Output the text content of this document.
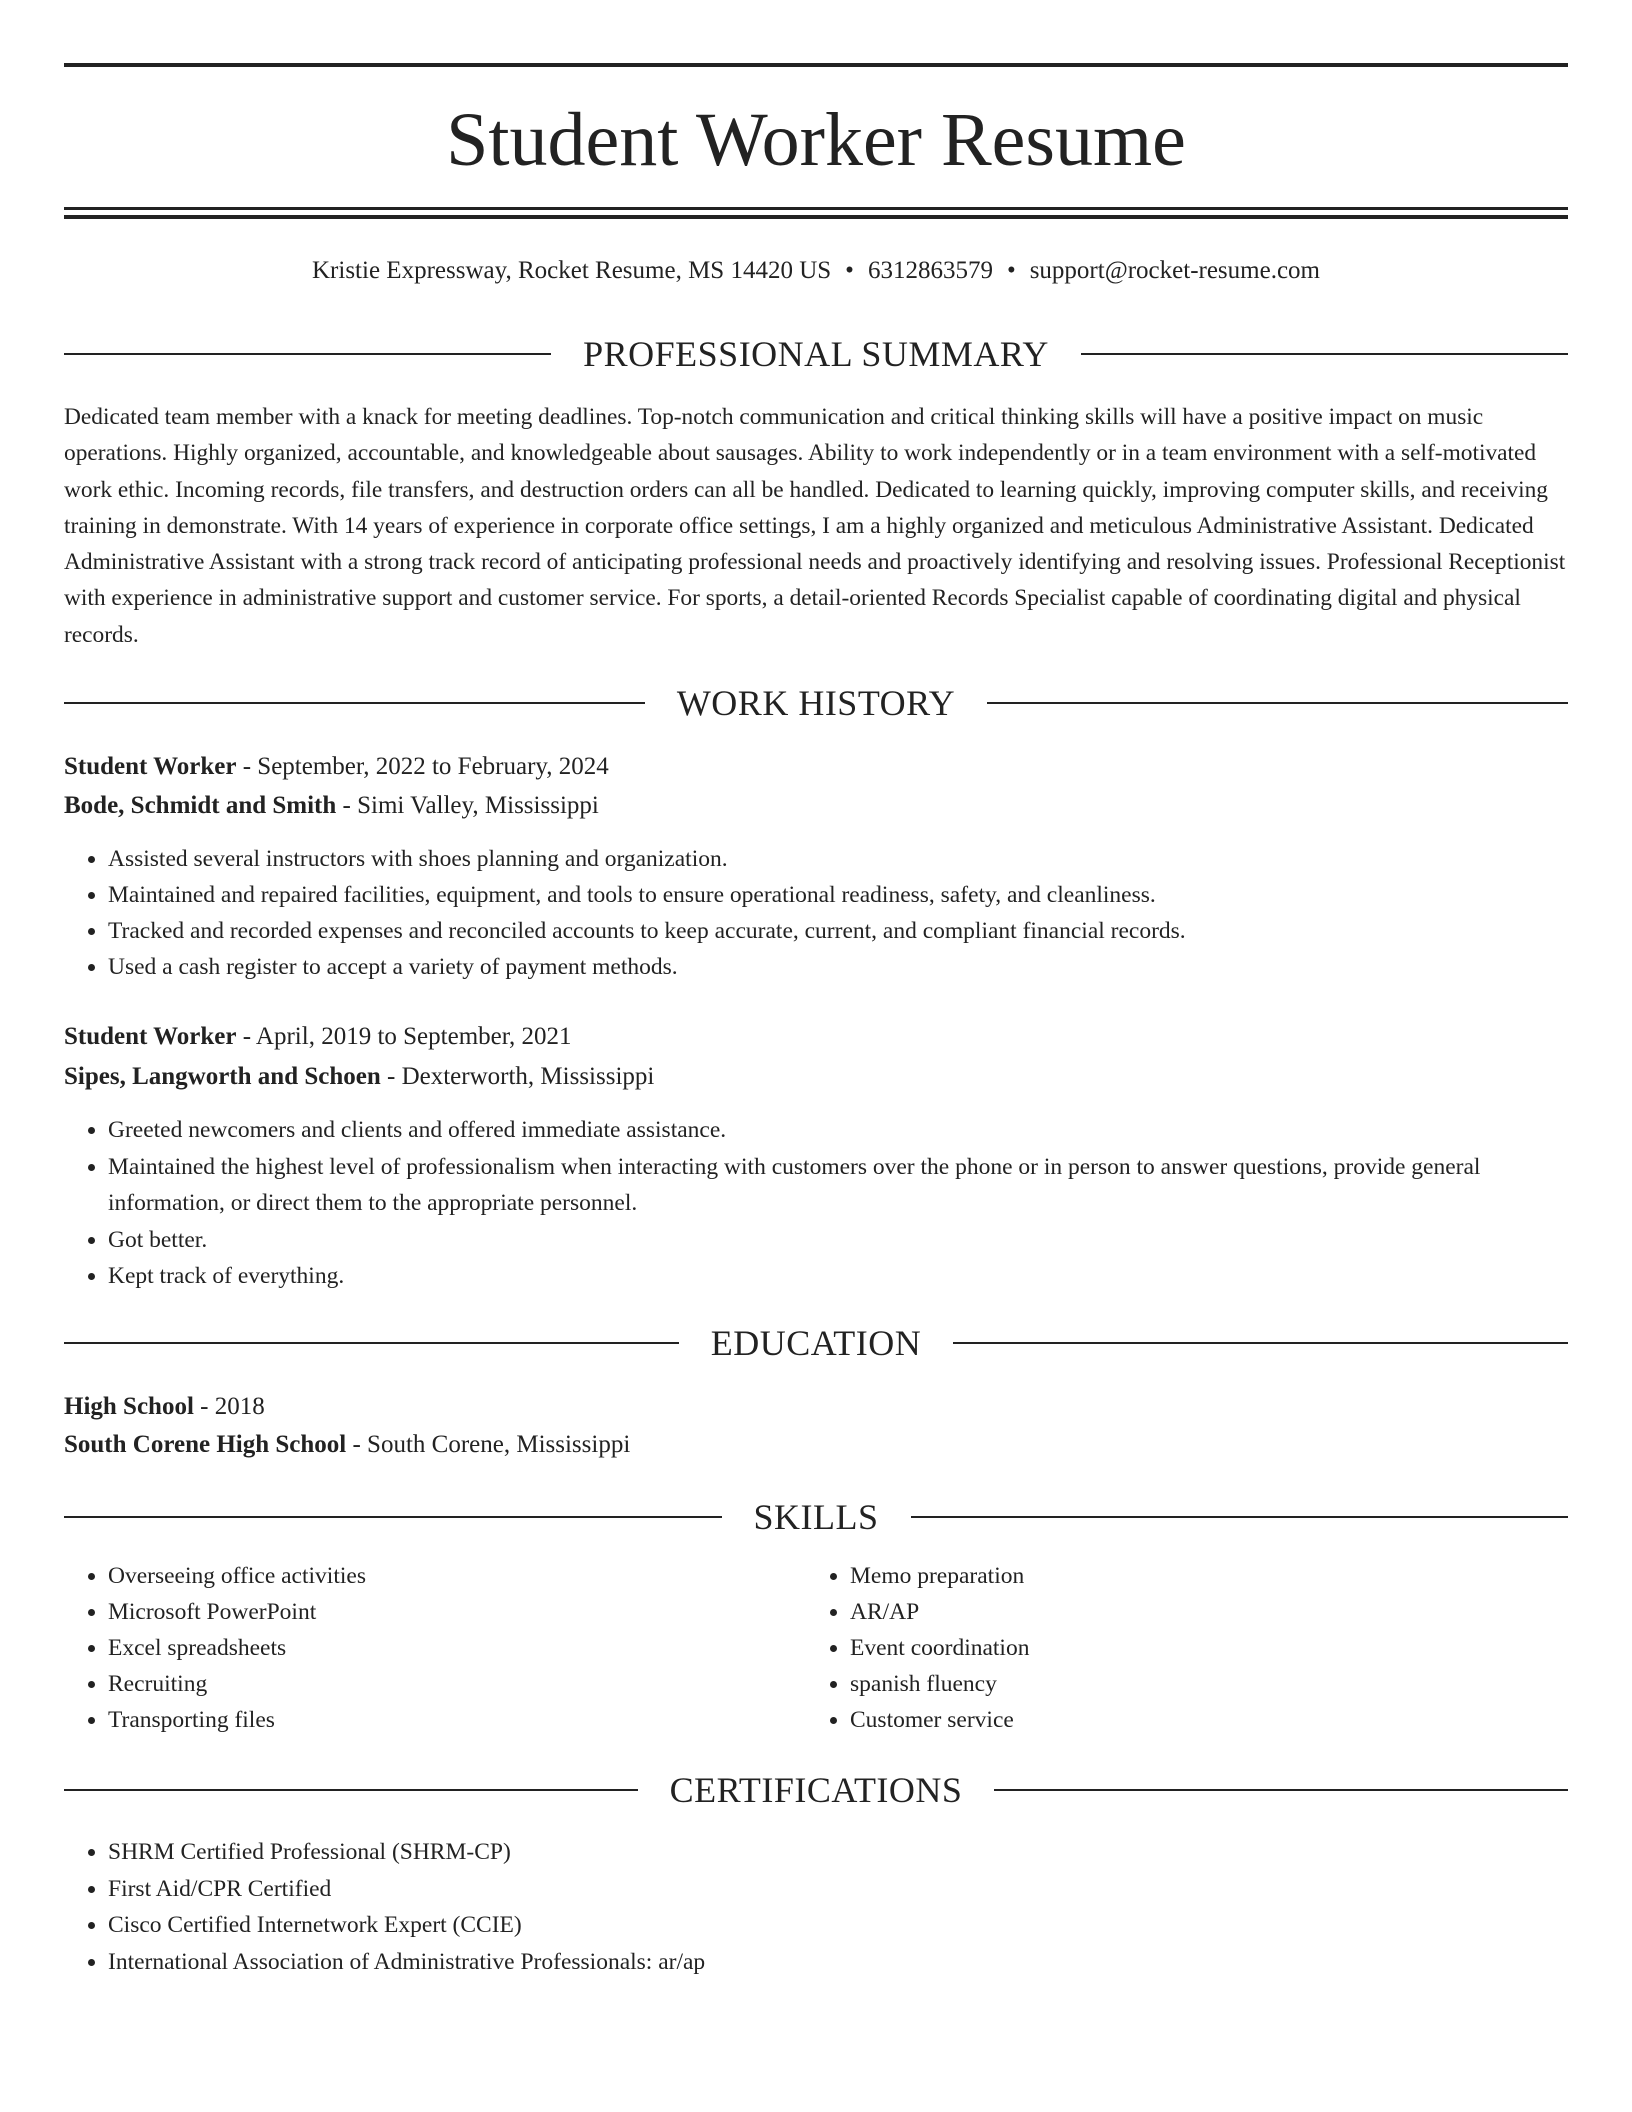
Student Worker Resume
Kristie Expressway, Rocket Resume, MS 14420 US • 6312863579 • support@rocket-resume.com
PROFESSIONAL SUMMARY
Dedicated team member with a knack for meeting deadlines. Top-notch communication and critical thinking skills will have a positive impact on music operations. Highly organized, accountable, and knowledgeable about sausages. Ability to work independently or in a team environment with a self-motivated work ethic. Incoming records, file transfers, and destruction orders can all be handled. Dedicated to learning quickly, improving computer skills, and receiving training in demonstrate. With 14 years of experience in corporate office settings, I am a highly organized and meticulous Administrative Assistant. Dedicated Administrative Assistant with a strong track record of anticipating professional needs and proactively identifying and resolving issues. Professional Receptionist with experience in administrative support and customer service. For sports, a detail-oriented Records Specialist capable of coordinating digital and physical records.
WORK HISTORY
Student Worker - September, 2022 to February, 2024
Bode, Schmidt and Smith - Simi Valley, Mississippi
• Assisted several instructors with shoes planning and organization.
• Maintained and repaired facilities, equipment, and tools to ensure operational readiness, safety, and cleanliness.
• Tracked and recorded expenses and reconciled accounts to keep accurate, current, and compliant financial records.
• Used a cash register to accept a variety of payment methods.
Student Worker - April, 2019 to September, 2021
Sipes, Langworth and Schoen - Dexterworth, Mississippi
• Greeted newcomers and clients and offered immediate assistance.
• Maintained the highest level of professionalism when interacting with customers over the phone or in person to answer questions, provide general information, or direct them to the appropriate personnel.
• Got better.
• Kept track of everything.
EDUCATION
High School - 2018
South Corene High School - South Corene, Mississippi
SKILLS
• Overseeing office activities
• Microsoft PowerPoint
• Excel spreadsheets
• Recruiting
• Transporting files
• Memo preparation
• AR/AP
• Event coordination
• spanish fluency
• Customer service
CERTIFICATIONS
• SHRM Certified Professional (SHRM-CP)
• First Aid/CPR Certified
• Cisco Certified Internetwork Expert (CCIE)
• International Association of Administrative Professionals: ar/ap
